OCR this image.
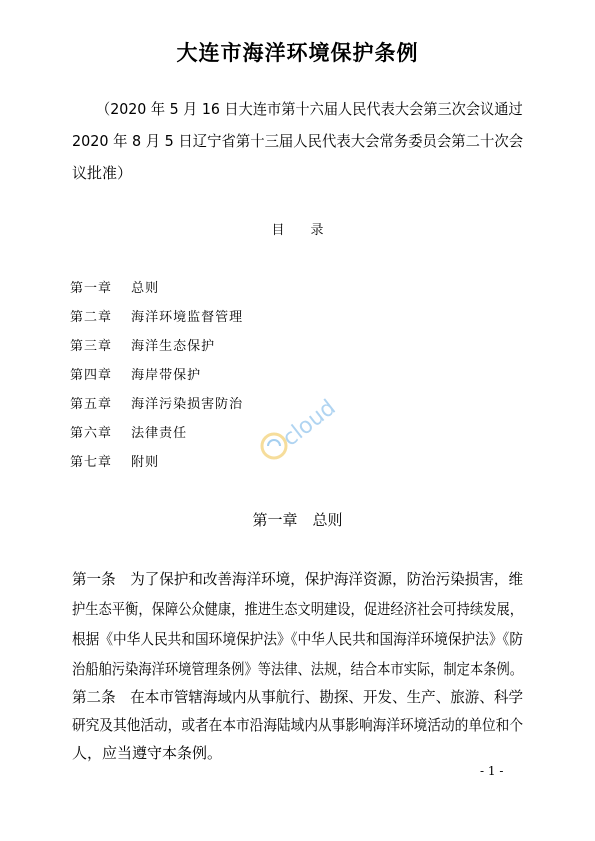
大连市海洋环境保护条例
（2020 年 5 月 16 日大连市第十六届人民代表大会第三次会议通过
2020 年 8 月 5 日辽宁省第十三届人民代表大会常务委员会第二十次会
议批准）
目　　录
第一章 总则
第二章 海洋环境监督管理
第三章 海洋生态保护
第四章 海岸带保护
第五章 海洋污染损害防治
第六章 法律责任
第七章 附则
cloud
第一章　总则
第一条　为了保护和改善海洋环境，保护海洋资源，防治污染损害，维
护生态平衡，保障公众健康，推进生态文明建设，促进经济社会可持续发展，
根据《中华人民共和国环境保护法》《中华人民共和国海洋环境保护法》《防
治船舶污染海洋环境管理条例》等法律、法规，结合本市实际，制定本条例。
第二条　在本市管辖海域内从事航行、勘探、开发、生产、旅游、科学
研究及其他活动，或者在本市沿海陆域内从事影响海洋环境活动的单位和个
人，应当遵守本条例。
- 1 -
